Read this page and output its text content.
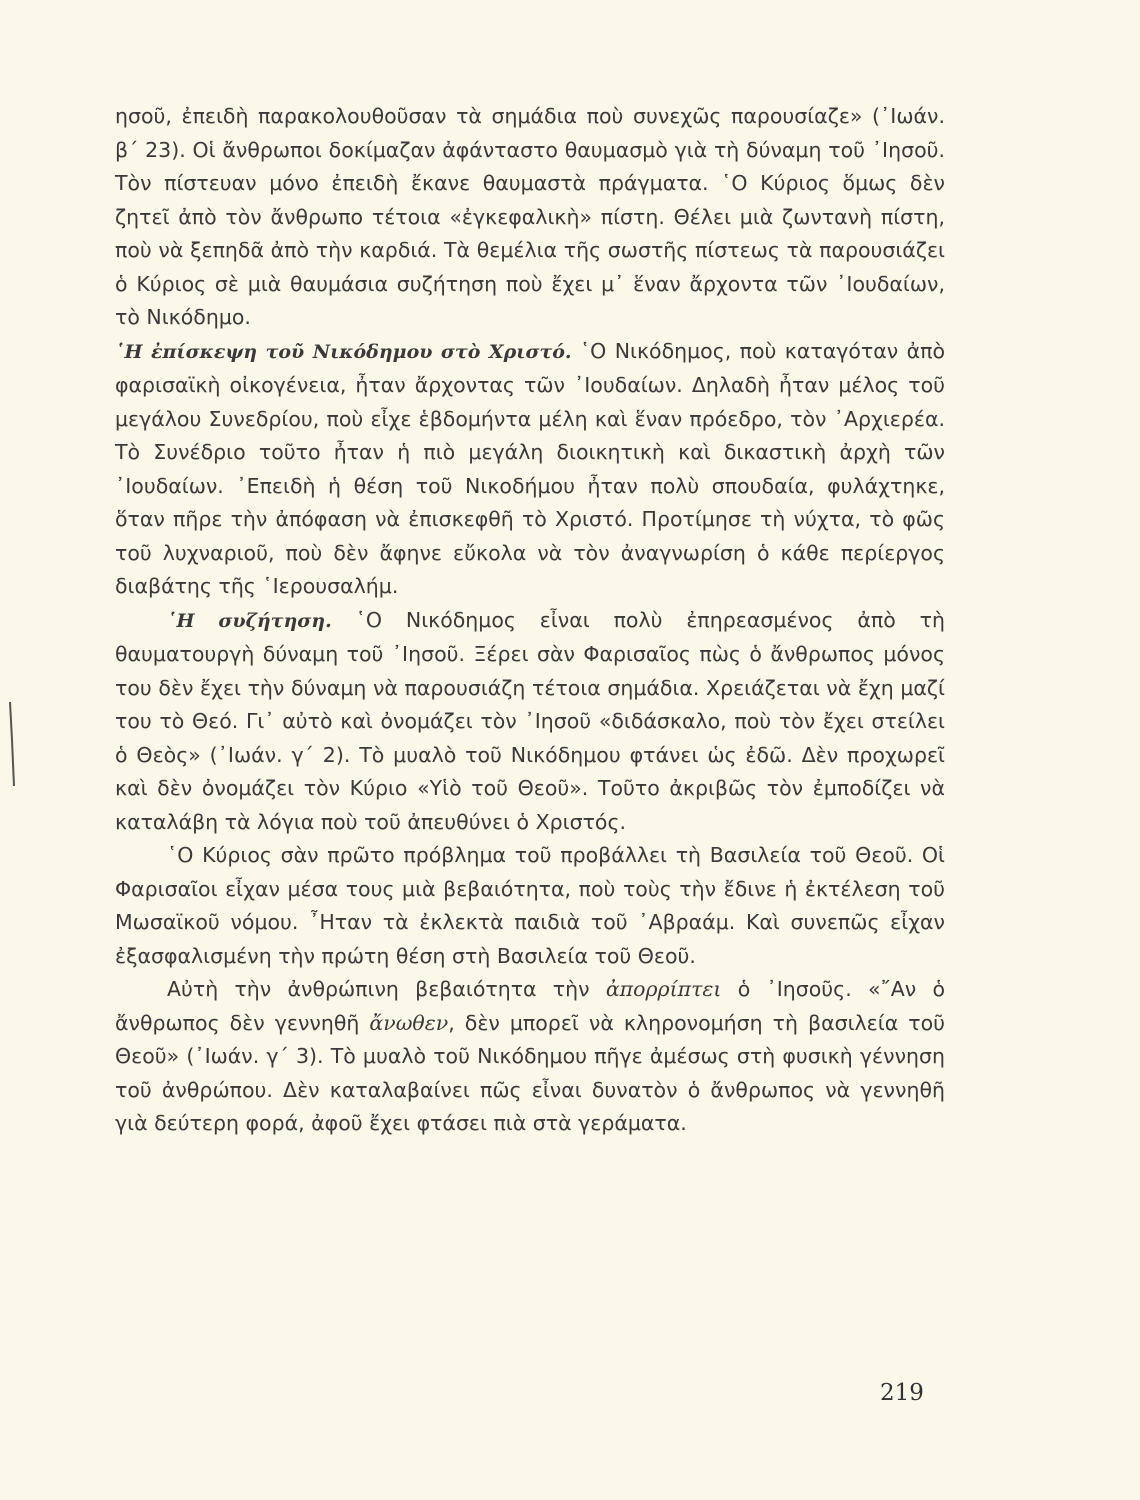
ησοῦ, ἐπειδὴ παρακολουθοῦσαν τὰ σημάδια ποὺ συνεχῶς παρουσίαζε» (᾿Ιωάν. β΄ 23). Οἱ ἄνθρωποι δοκίμαζαν ἀφάνταστο θαυμασμὸ γιὰ τὴ δύναμη τοῦ ᾿Ιησοῦ. Τὸν πίστευαν μόνο ἐπειδὴ ἔκανε θαυμαστὰ πράγματα. ῾Ο Κύριος ὅμως δὲν ζητεῖ ἀπὸ τὸν ἄνθρωπο τέτοια «ἐγκεφαλικὴ» πίστη. Θέλει μιὰ ζωντανὴ πίστη, ποὺ νὰ ξεπηδᾶ ἀπὸ τὴν καρδιά. Τὰ θεμέλια τῆς σωστῆς πίστεως τὰ παρουσιάζει ὁ Κύριος σὲ μιὰ θαυμάσια συζήτηση ποὺ ἔχει μ᾿ ἕναν ἄρχοντα τῶν ᾿Ιουδαίων, τὸ Νικόδημο.

῾Η ἐπίσκεψη τοῦ Νικόδημου στὸ Χριστό. ῾Ο Νικόδημος, ποὺ καταγόταν ἀπὸ φαρισαϊκὴ οἰκογένεια, ἦταν ἄρχοντας τῶν ᾿Ιουδαίων. Δηλαδὴ ἦταν μέλος τοῦ μεγάλου Συνεδρίου, ποὺ εἶχε ἑβδομήντα μέλη καὶ ἕναν πρόεδρο, τὸν ᾿Αρχιερέα. Τὸ Συνέδριο τοῦτο ἦταν ἡ πιὸ μεγάλη διοικητικὴ καὶ δικαστικὴ ἀρχὴ τῶν ᾿Ιουδαίων. ᾿Επειδὴ ἡ θέση τοῦ Νικοδήμου ἦταν πολὺ σπουδαία, φυλάχτηκε, ὅταν πῆρε τὴν ἀπόφαση νὰ ἐπισκεφθῆ τὸ Χριστό. Προτίμησε τὴ νύχτα, τὸ φῶς τοῦ λυχναριοῦ, ποὺ δὲν ἄφηνε εὔκολα νὰ τὸν ἀναγνωρίση ὁ κάθε περίεργος διαβάτης τῆς ῾Ιερουσαλήμ.

῾Η συζήτηση. ῾Ο Νικόδημος εἶναι πολὺ ἐπηρεασμένος ἀπὸ τὴ θαυματουργὴ δύναμη τοῦ ᾿Ιησοῦ. Ξέρει σὰν Φαρισαῖος πὼς ὁ ἄνθρωπος μόνος του δὲν ἔχει τὴν δύναμη νὰ παρουσιάζη τέτοια σημάδια. Χρειάζεται νὰ ἔχη μαζί του τὸ Θεό. Γι᾿ αὐτὸ καὶ ὀνομάζει τὸν ᾿Ιησοῦ «διδάσκαλο, ποὺ τὸν ἔχει στείλει ὁ Θεὸς» (᾿Ιωάν. γ΄ 2). Τὸ μυαλὸ τοῦ Νικόδημου φτάνει ὡς ἐδῶ. Δὲν προχωρεῖ καὶ δὲν ὀνομάζει τὸν Κύριο «Υἱὸ τοῦ Θεοῦ». Τοῦτο ἀκριβῶς τὸν ἐμποδίζει νὰ καταλάβη τὰ λόγια ποὺ τοῦ ἀπευθύνει ὁ Χριστός.

῾Ο Κύριος σὰν πρῶτο πρόβλημα τοῦ προβάλλει τὴ Βασιλεία τοῦ Θεοῦ. Οἱ Φαρισαῖοι εἶχαν μέσα τους μιὰ βεβαιότητα, ποὺ τοὺς τὴν ἔδινε ἡ ἐκτέλεση τοῦ Μωσαϊκοῦ νόμου. ῏Ηταν τὰ ἐκλεκτὰ παιδιὰ τοῦ ᾿Αβραάμ. Καὶ συνεπῶς εἶχαν ἐξασφαλισμένη τὴν πρώτη θέση στὴ Βασιλεία τοῦ Θεοῦ.

Αὐτὴ τὴν ἀνθρώπινη βεβαιότητα τὴν ἀπορρίπτει ὁ ᾿Ιησοῦς. «῎Αν ὁ ἄνθρωπος δὲν γεννηθῆ ἄνωθεν, δὲν μπορεῖ νὰ κληρονομήση τὴ βασιλεία τοῦ Θεοῦ» (᾿Ιωάν. γ΄ 3). Τὸ μυαλὸ τοῦ Νικόδημου πῆγε ἀμέσως στὴ φυσικὴ γέννηση τοῦ ἀνθρώπου. Δὲν καταλαβαίνει πῶς εἶναι δυνατὸν ὁ ἄνθρωπος νὰ γεννηθῆ γιὰ δεύτερη φορά, ἀφοῦ ἔχει φτάσει πιὰ στὰ γεράματα.

219
